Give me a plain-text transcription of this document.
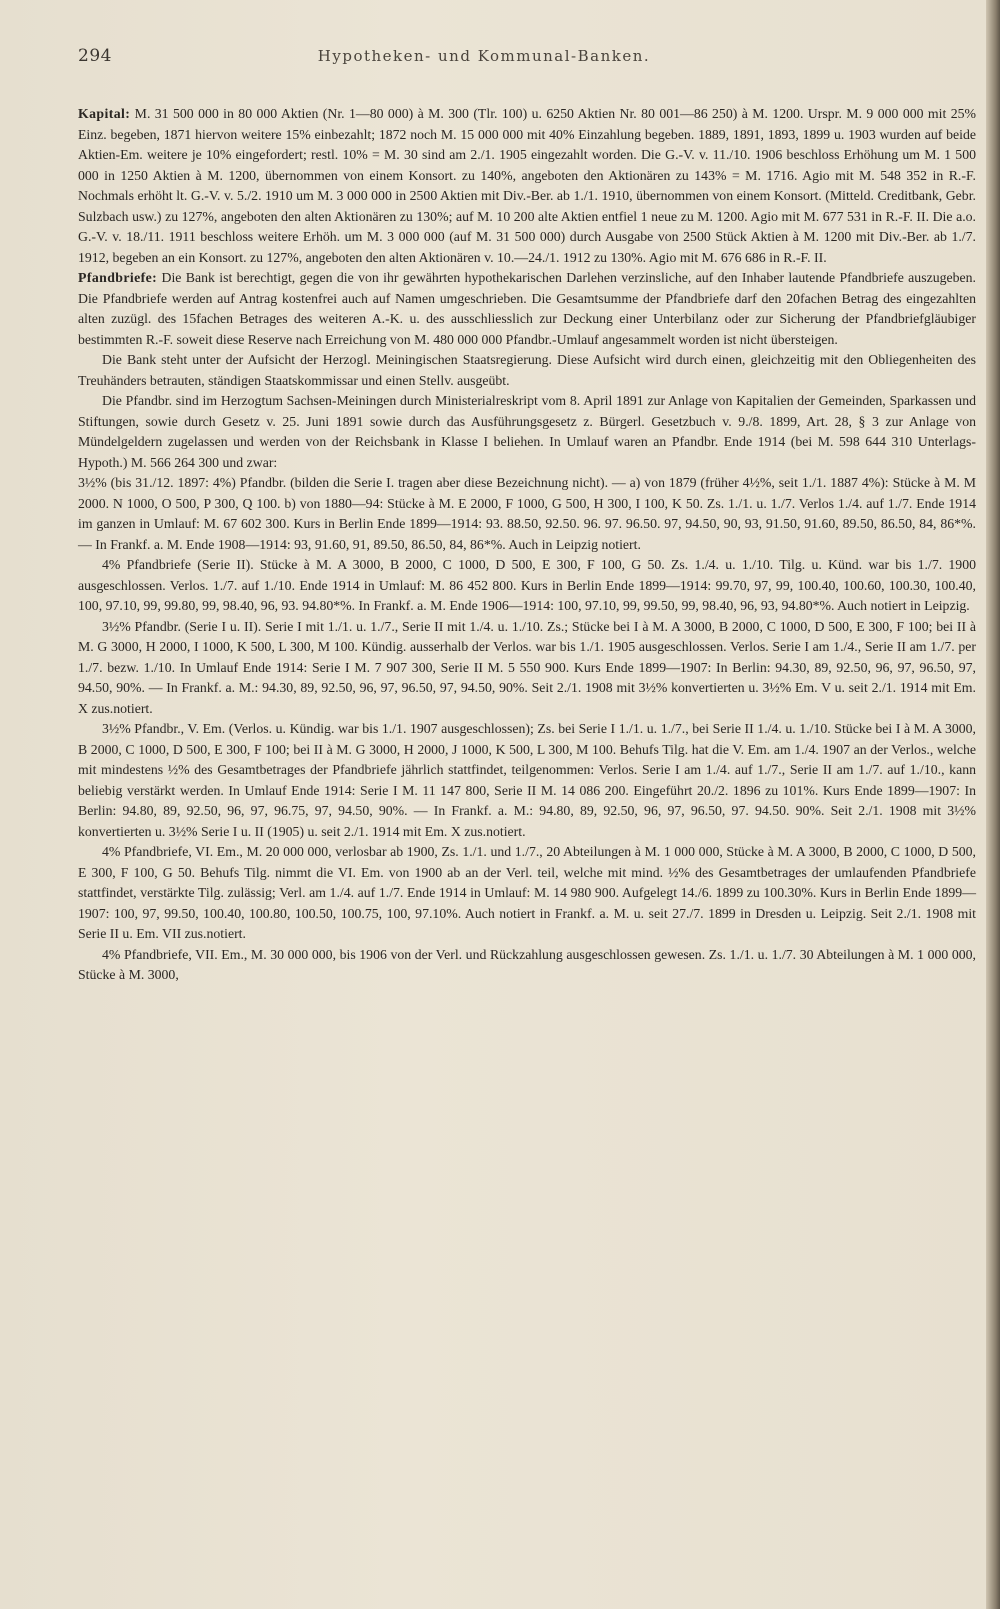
294	Hypotheken- und Kommunal-Banken.

Kapital: M. 31 500 000 in 80 000 Aktien (Nr. 1—80 000) à M. 300 (Tlr. 100) u. 6250 Aktien Nr. 80 001—86 250) à M. 1200. Urspr. M. 9 000 000 mit 25% Einz. begeben, 1871 hiervon weitere 15% einbezahlt; 1872 noch M. 15 000 000 mit 40% Einzahlung begeben. 1889, 1891, 1893, 1899 u. 1903 wurden auf beide Aktien-Em. weitere je 10% eingefordert; restl. 10% = M. 30 sind am 2./1. 1905 eingezahlt worden. Die G.-V. v. 11./10. 1906 beschloss Erhöhung um M. 1 500 000 in 1250 Aktien à M. 1200, übernommen von einem Konsort. zu 140%, angeboten den Aktionären zu 143% = M. 1716. Agio mit M. 548 352 in R.-F. Nochmals erhöht lt. G.-V. v. 5./2. 1910 um M. 3 000 000 in 2500 Aktien mit Div.-Ber. ab 1./1. 1910, übernommen von einem Konsort. (Mitteld. Creditbank, Gebr. Sulzbach usw.) zu 127%, angeboten den alten Aktionären zu 130%; auf M. 10 200 alte Aktien entfiel 1 neue zu M. 1200. Agio mit M. 677 531 in R.-F. II. Die a.o. G.-V. v. 18./11. 1911 beschloss weitere Erhöh. um M. 3 000 000 (auf M. 31 500 000) durch Ausgabe von 2500 Stück Aktien à M. 1200 mit Div.-Ber. ab 1./7. 1912, begeben an ein Konsort. zu 127%, angeboten den alten Aktionären v. 10.—24./1. 1912 zu 130%. Agio mit M. 676 686 in R.-F. II.

Pfandbriefe: Die Bank ist berechtigt, gegen die von ihr gewährten hypothekarischen Darlehen verzinsliche, auf den Inhaber lautende Pfandbriefe auszugeben. Die Pfandbriefe werden auf Antrag kostenfrei auch auf Namen umgeschrieben. Die Gesamtsumme der Pfandbriefe darf den 20fachen Betrag des eingezahlten alten zuzügl. des 15fachen Betrages des weiteren A.-K. u. des ausschliesslich zur Deckung einer Unterbilanz oder zur Sicherung der Pfandbriefgläubiger bestimmten R.-F. soweit diese Reserve nach Erreichung von M. 480 000 000 Pfandbr.-Umlauf angesammelt worden ist nicht übersteigen.

Die Bank steht unter der Aufsicht der Herzogl. Meiningischen Staatsregierung. Diese Aufsicht wird durch einen, gleichzeitig mit den Obliegenheiten des Treuhänders betrauten, ständigen Staatskommissar und einen Stellv. ausgeübt.

Die Pfandbr. sind im Herzogtum Sachsen-Meiningen durch Ministerialreskript vom 8. April 1891 zur Anlage von Kapitalien der Gemeinden, Sparkassen und Stiftungen, sowie durch Gesetz v. 25. Juni 1891 sowie durch das Ausführungsgesetz z. Bürgerl. Gesetzbuch v. 9./8. 1899, Art. 28, § 3 zur Anlage von Mündelgeldern zugelassen und werden von der Reichsbank in Klasse I beliehen. In Umlauf waren an Pfandbr. Ende 1914 (bei M. 598 644 310 Unterlags-Hypoth.) M. 566 264 300 und zwar:

3½% (bis 31./12. 1897: 4%) Pfandbr. (bilden die Serie I. tragen aber diese Bezeichnung nicht). — a) von 1879 (früher 4½%, seit 1./1. 1887 4%): Stücke à M. M 2000. N 1000, O 500, P 300, Q 100. b) von 1880—94: Stücke à M. E 2000, F 1000, G 500, H 300, I 100, K 50. Zs. 1./1. u. 1./7. Verlos 1./4. auf 1./7. Ende 1914 im ganzen in Umlauf: M. 67 602 300. Kurs in Berlin Ende 1899—1914: 93. 88.50, 92.50. 96. 97. 96.50. 97, 94.50, 90, 93, 91.50, 91.60, 89.50, 86.50, 84, 86*%. — In Frankf. a. M. Ende 1908—1914: 93, 91.60, 91, 89.50, 86.50, 84, 86*%. Auch in Leipzig notiert.

4% Pfandbriefe (Serie II). Stücke à M. A 3000, B 2000, C 1000, D 500, E 300, F 100, G 50. Zs. 1./4. u. 1./10. Tilg. u. Künd. war bis 1./7. 1900 ausgeschlossen. Verlos. 1./7. auf 1./10. Ende 1914 in Umlauf: M. 86 452 800. Kurs in Berlin Ende 1899—1914: 99.70, 97, 99, 100.40, 100.60, 100.30, 100.40, 100, 97.10, 99, 99.80, 99, 98.40, 96, 93. 94.80*%. In Frankf. a. M. Ende 1906—1914: 100, 97.10, 99, 99.50, 99, 98.40, 96, 93, 94.80*%. Auch notiert in Leipzig.

3½% Pfandbr. (Serie I u. II). Serie I mit 1./1. u. 1./7., Serie II mit 1./4. u. 1./10. Zs.; Stücke bei I à M. A 3000, B 2000, C 1000, D 500, E 300, F 100; bei II à M. G 3000, H 2000, I 1000, K 500, L 300, M 100. Kündig. ausserhalb der Verlos. war bis 1./1. 1905 ausgeschlossen. Verlos. Serie I am 1./4., Serie II am 1./7. per 1./7. bezw. 1./10. In Umlauf Ende 1914: Serie I M. 7 907 300, Serie II M. 5 550 900. Kurs Ende 1899—1907: In Berlin: 94.30, 89, 92.50, 96, 97, 96.50, 97, 94.50, 90%. — In Frankf. a. M.: 94.30, 89, 92.50, 96, 97, 96.50, 97, 94.50, 90%. Seit 2./1. 1908 mit 3½% konvertierten u. 3½% Em. V u. seit 2./1. 1914 mit Em. X zus.notiert.

3½% Pfandbr., V. Em. (Verlos. u. Kündig. war bis 1./1. 1907 ausgeschlossen); Zs. bei Serie I 1./1. u. 1./7., bei Serie II 1./4. u. 1./10. Stücke bei I à M. A 3000, B 2000, C 1000, D 500, E 300, F 100; bei II à M. G 3000, H 2000, J 1000, K 500, L 300, M 100. Behufs Tilg. hat die V. Em. am 1./4. 1907 an der Verlos., welche mit mindestens ½% des Gesamtbetrages der Pfandbriefe jährlich stattfindet, teilgenommen: Verlos. Serie I am 1./4. auf 1./7., Serie II am 1./7. auf 1./10., kann beliebig verstärkt werden. In Umlauf Ende 1914: Serie I M. 11 147 800, Serie II M. 14 086 200. Eingeführt 20./2. 1896 zu 101%. Kurs Ende 1899—1907: In Berlin: 94.80, 89, 92.50, 96, 97, 96.75, 97, 94.50, 90%. — In Frankf. a. M.: 94.80, 89, 92.50, 96, 97, 96.50, 97. 94.50. 90%. Seit 2./1. 1908 mit 3½% konvertierten u. 3½% Serie I u. II (1905) u. seit 2./1. 1914 mit Em. X zus.notiert.

4% Pfandbriefe, VI. Em., M. 20 000 000, verlosbar ab 1900, Zs. 1./1. und 1./7., 20 Abteilungen à M. 1 000 000, Stücke à M. A 3000, B 2000, C 1000, D 500, E 300, F 100, G 50. Behufs Tilg. nimmt die VI. Em. von 1900 ab an der Verl. teil, welche mit mind. ½% des Gesamtbetrages der umlaufenden Pfandbriefe stattfindet, verstärkte Tilg. zulässig; Verl. am 1./4. auf 1./7. Ende 1914 in Umlauf: M. 14 980 900. Aufgelegt 14./6. 1899 zu 100.30%. Kurs in Berlin Ende 1899—1907: 100, 97, 99.50, 100.40, 100.80, 100.50, 100.75, 100, 97.10%. Auch notiert in Frankf. a. M. u. seit 27./7. 1899 in Dresden u. Leipzig. Seit 2./1. 1908 mit Serie II u. Em. VII zus.notiert.

4% Pfandbriefe, VII. Em., M. 30 000 000, bis 1906 von der Verl. und Rückzahlung ausgeschlossen gewesen. Zs. 1./1. u. 1./7. 30 Abteilungen à M. 1 000 000, Stücke à M. 3000,
